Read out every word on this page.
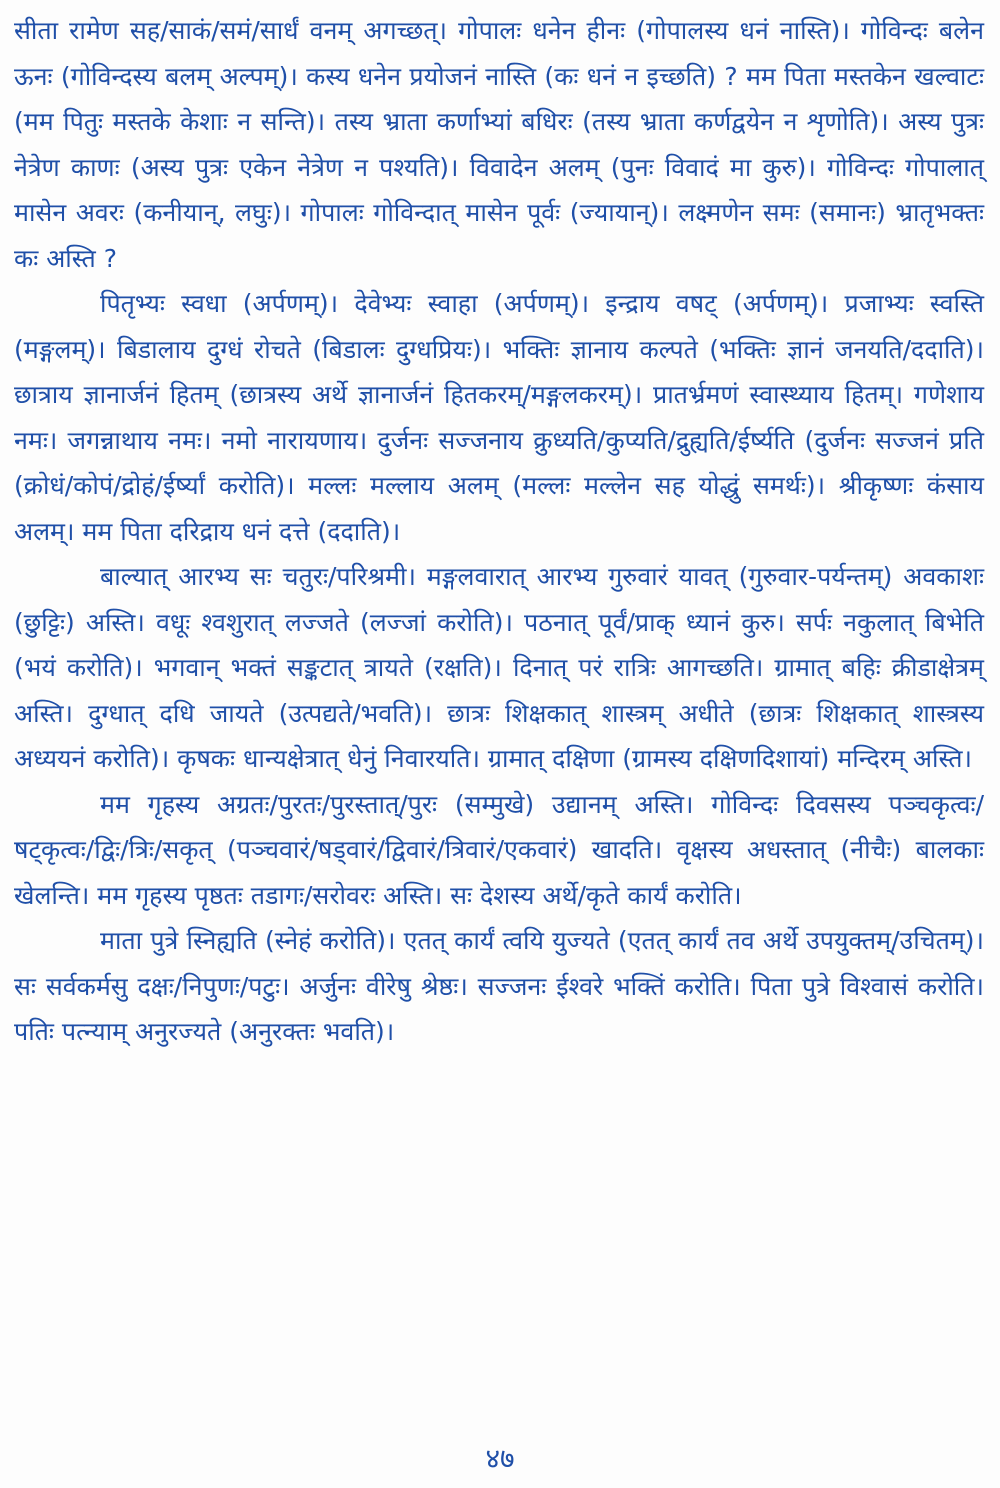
सीता रामेण सह/साकं/समं/सार्धं वनम् अगच्छत्। गोपालः धनेन हीनः (गोपालस्य धनं नास्ति)। गोविन्दः बलेन ऊनः (गोविन्दस्य बलम् अल्पम्)। कस्य धनेन प्रयोजनं नास्ति (कः धनं न इच्छति) ? मम पिता मस्तकेन खल्वाटः (मम पितुः मस्तके केशाः न सन्ति)। तस्य भ्राता कर्णाभ्यां बधिरः (तस्य भ्राता कर्णद्वयेन न शृणोति)। अस्य पुत्रः नेत्रेण काणः (अस्य पुत्रः एकेन नेत्रेण न पश्यति)। विवादेन अलम् (पुनः विवादं मा कुरु)। गोविन्दः गोपालात् मासेन अवरः (कनीयान्, लघुः)। गोपालः गोविन्दात् मासेन पूर्वः (ज्यायान्)। लक्ष्मणेन समः (समानः) भ्रातृभक्तः कः अस्ति ?

पितृभ्यः स्वधा (अर्पणम्)। देवेभ्यः स्वाहा (अर्पणम्)। इन्द्राय वषट् (अर्पणम्)। प्रजाभ्यः स्वस्ति (मङ्गलम्)। बिडालाय दुग्धं रोचते (बिडालः दुग्धप्रियः)। भक्तिः ज्ञानाय कल्पते (भक्तिः ज्ञानं जनयति/ददाति)। छात्राय ज्ञानार्जनं हितम् (छात्रस्य अर्थे ज्ञानार्जनं हितकरम्/मङ्गलकरम्)। प्रातर्भ्रमणं स्वास्थ्याय हितम्। गणेशाय नमः। जगन्नाथाय नमः। नमो नारायणाय। दुर्जनः सज्जनाय क्रुध्यति/कुप्यति/द्रुह्यति/ईर्ष्यति (दुर्जनः सज्जनं प्रति (क्रोधं/कोपं/द्रोहं/ईर्ष्यां करोति)। मल्लः मल्लाय अलम् (मल्लः मल्लेन सह योद्धुं समर्थः)। श्रीकृष्णः कंसाय अलम्। मम पिता दरिद्राय धनं दत्ते (ददाति)।

बाल्यात् आरभ्य सः चतुरः/परिश्रमी। मङ्गलवारात् आरभ्य गुरुवारं यावत् (गुरुवार-पर्यन्तम्) अवकाशः (छुट्टिः) अस्ति। वधूः श्वशुरात् लज्जते (लज्जां करोति)। पठनात् पूर्वं/प्राक् ध्यानं कुरु। सर्पः नकुलात् बिभेति (भयं करोति)। भगवान् भक्तं सङ्कटात् त्रायते (रक्षति)। दिनात् परं रात्रिः आगच्छति। ग्रामात् बहिः क्रीडाक्षेत्रम् अस्ति। दुग्धात् दधि जायते (उत्पद्यते/भवति)। छात्रः शिक्षकात् शास्त्रम् अधीते (छात्रः शिक्षकात् शास्त्रस्य अध्ययनं करोति)। कृषकः धान्यक्षेत्रात् धेनुं निवारयति। ग्रामात् दक्षिणा (ग्रामस्य दक्षिणदिशायां) मन्दिरम् अस्ति।

मम गृहस्य अग्रतः/पुरतः/पुरस्तात्/पुरः (सम्मुखे) उद्यानम् अस्ति। गोविन्दः दिवसस्य पञ्चकृत्वः/षट्कृत्वः/द्विः/त्रिः/सकृत् (पञ्चवारं/षड्वारं/द्विवारं/त्रिवारं/एकवारं) खादति। वृक्षस्य अधस्तात् (नीचैः) बालकाः खेलन्ति। मम गृहस्य पृष्ठतः तडागः/सरोवरः अस्ति। सः देशस्य अर्थे/कृते कार्यं करोति।

माता पुत्रे स्निह्यति (स्नेहं करोति)। एतत् कार्यं त्वयि युज्यते (एतत् कार्यं तव अर्थे उपयुक्तम्/उचितम्)। सः सर्वकर्मसु दक्षः/निपुणः/पटुः। अर्जुनः वीरेषु श्रेष्ठः। सज्जनः ईश्वरे भक्तिं करोति। पिता पुत्रे विश्वासं करोति। पतिः पत्न्याम् अनुरज्यते (अनुरक्तः भवति)।

४७
